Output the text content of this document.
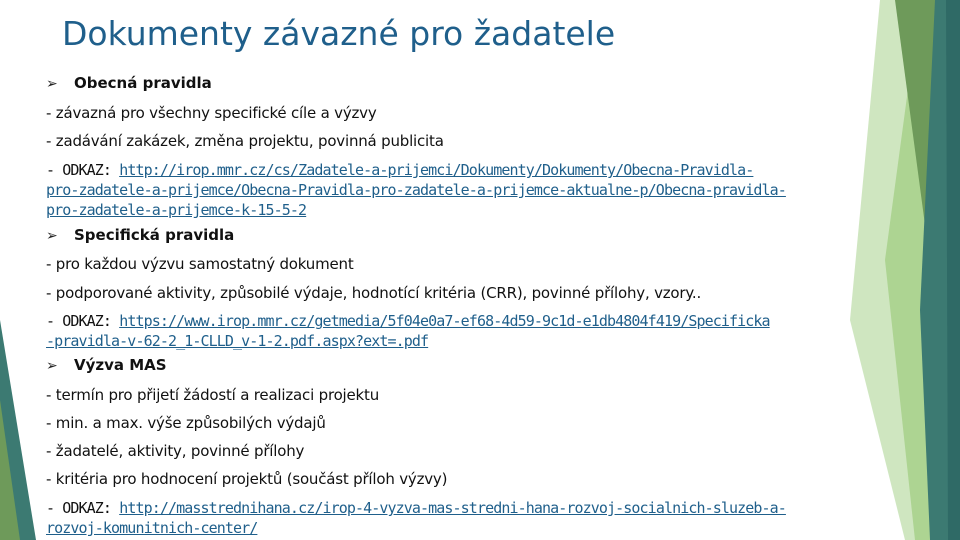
Dokumenty závazné pro žadatele
➢ Obecná pravidla
- závazná pro všechny specifické cíle a výzvy
- zadávání zakázek, změna projektu, povinná publicita
- ODKAZ: http://irop.mmr.cz/cs/Zadatele-a-prijemci/Dokumenty/Dokumenty/Obecna-Pravidla-
pro-zadatele-a-prijemce/Obecna-Pravidla-pro-zadatele-a-prijemce-aktualne-p/Obecna-pravidla-
pro-zadatele-a-prijemce-k-15-5-2
➢ Specifická pravidla
- pro každou výzvu samostatný dokument
- podporované aktivity, způsobilé výdaje, hodnotící kritéria (CRR), povinné přílohy, vzory..
- ODKAZ: https://www.irop.mmr.cz/getmedia/5f04e0a7-ef68-4d59-9c1d-e1db4804f419/Specificka
-pravidla-v-62-2_1-CLLD_v-1-2.pdf.aspx?ext=.pdf
➢ Výzva MAS
- termín pro přijetí žádostí a realizaci projektu
- min. a max. výše způsobilých výdajů
- žadatelé, aktivity, povinné přílohy
- kritéria pro hodnocení projektů (součást příloh výzvy)
- ODKAZ: http://masstrednihana.cz/irop-4-vyzva-mas-stredni-hana-rozvoj-socialnich-sluzeb-a-
rozvoj-komunitnich-center/
